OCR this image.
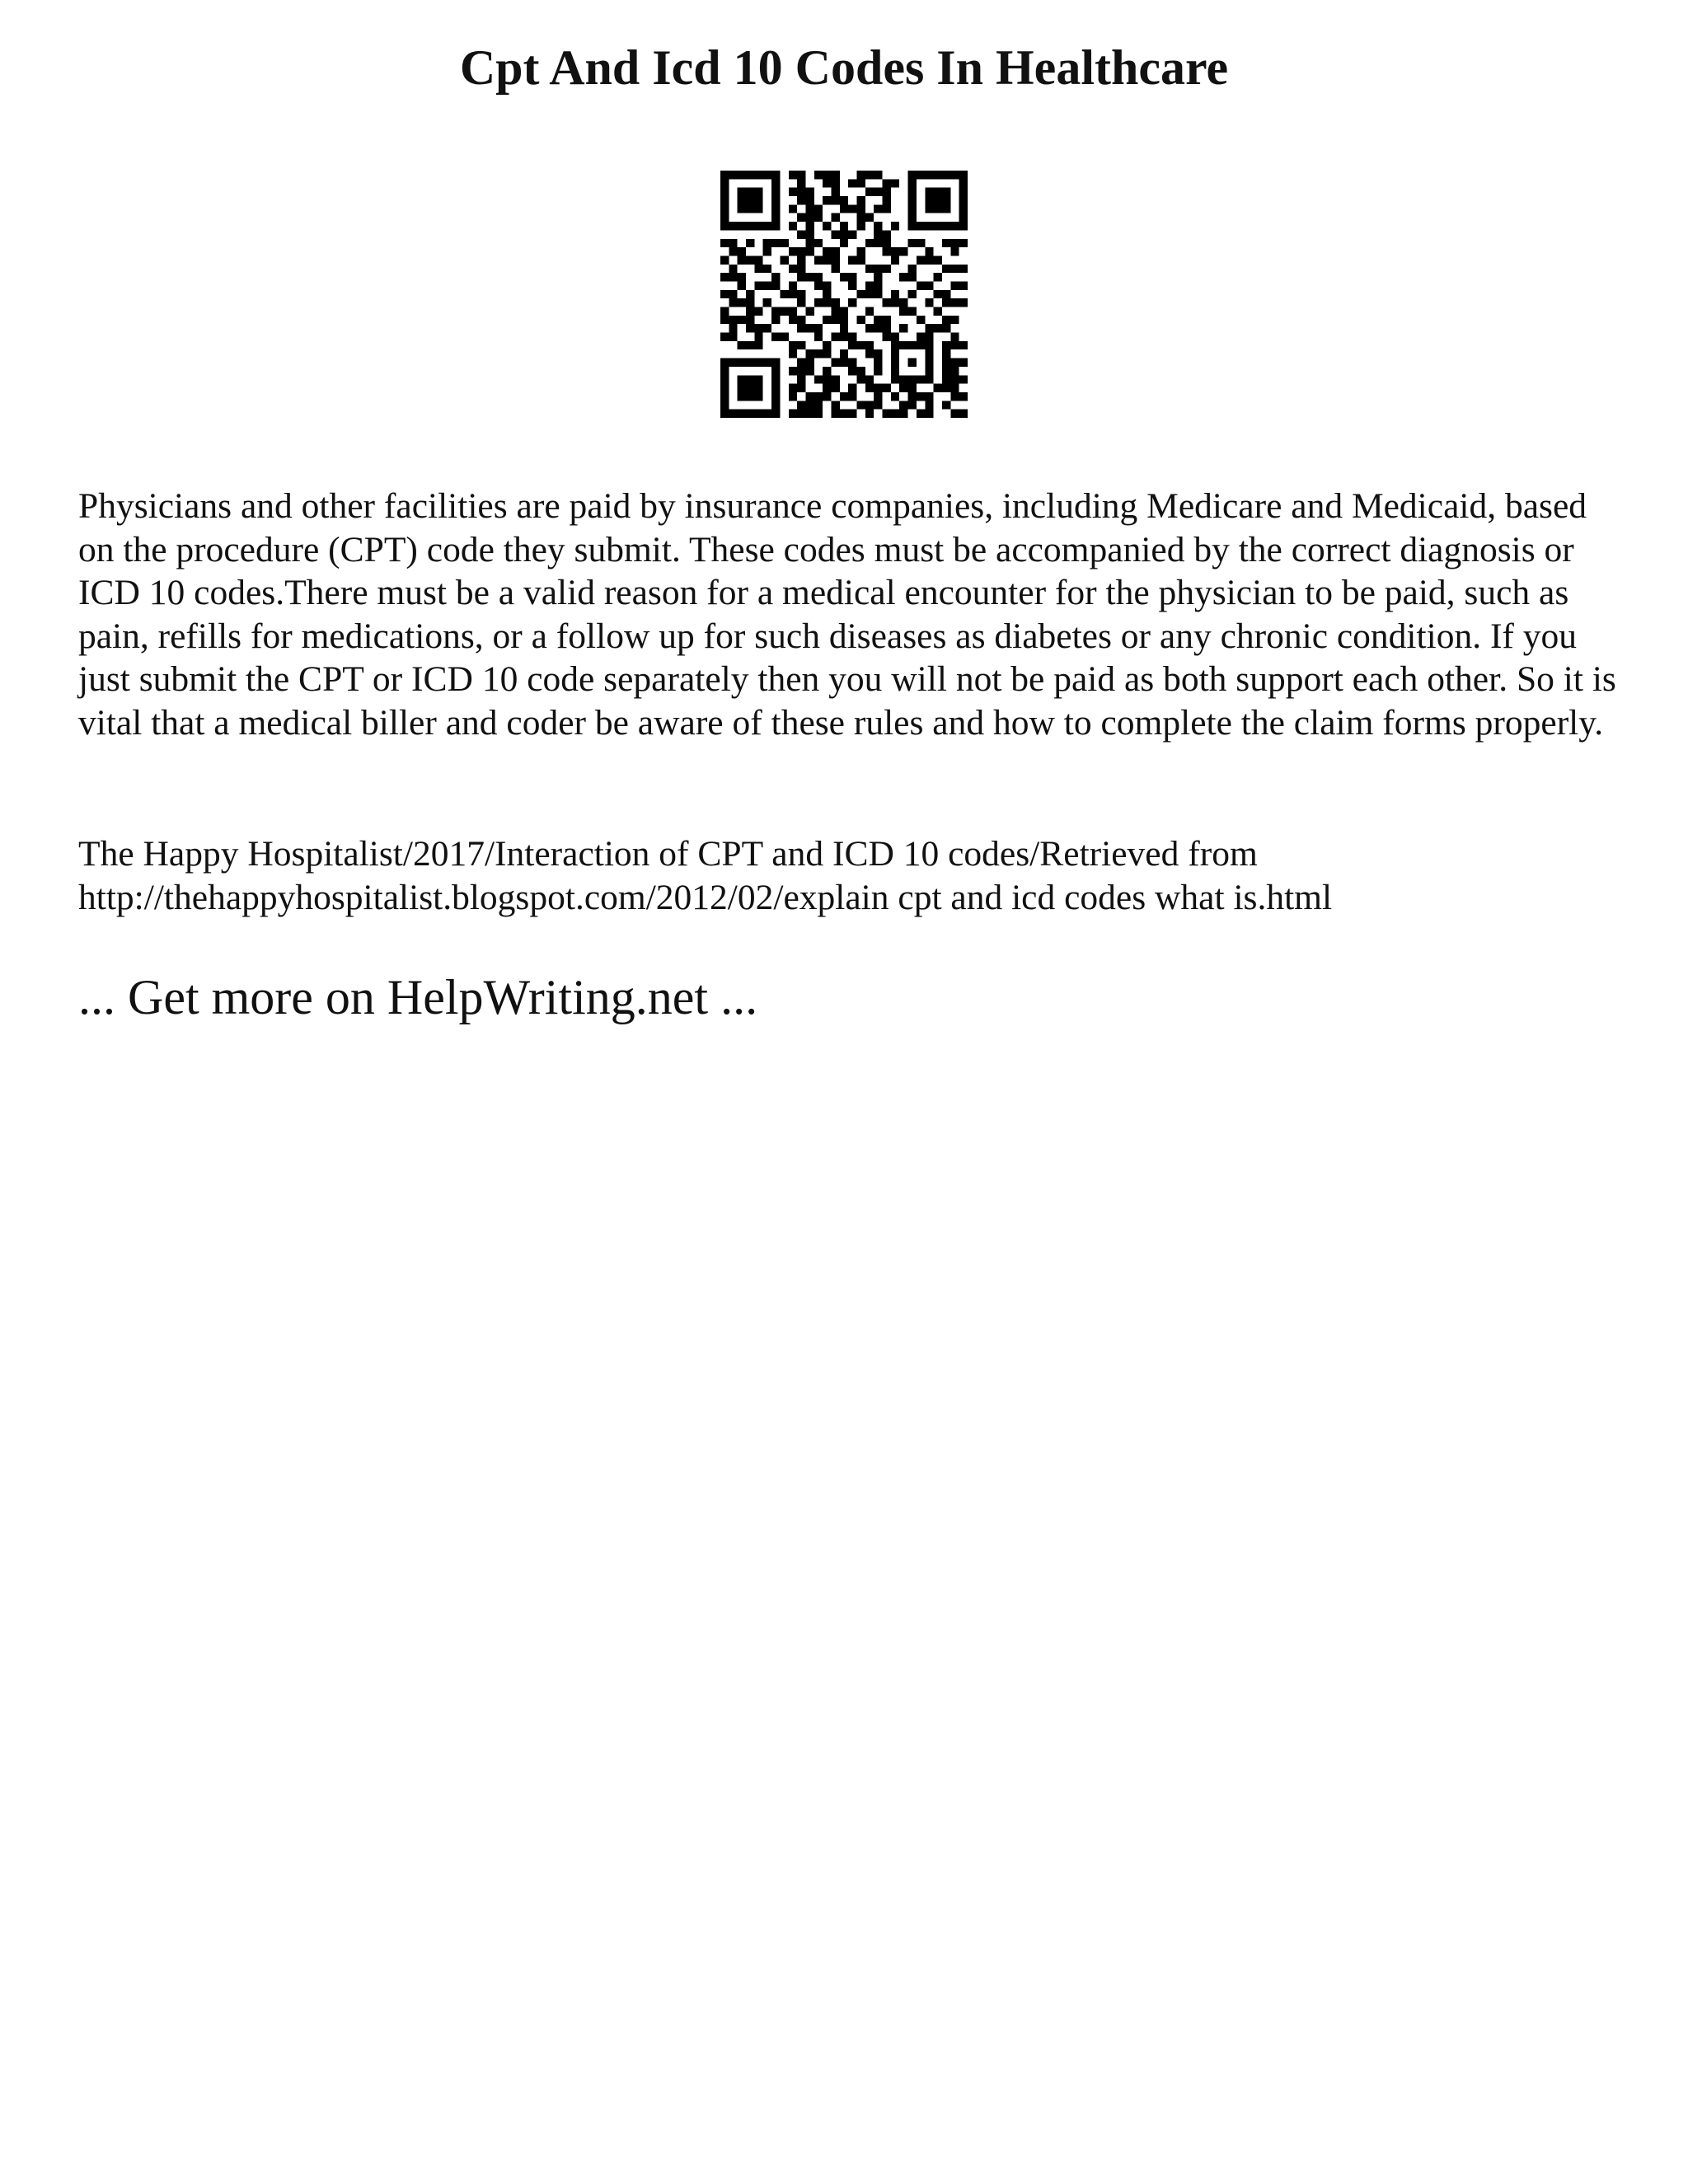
Cpt And Icd 10 Codes In Healthcare

Physicians and other facilities are paid by insurance companies, including Medicare and Medicaid, based on the procedure (CPT) code they submit. These codes must be accompanied by the correct diagnosis or ICD 10 codes.There must be a valid reason for a medical encounter for the physician to be paid, such as pain, refills for medications, or a follow up for such diseases as diabetes or any chronic condition. If you just submit the CPT or ICD 10 code separately then you will not be paid as both support each other. So it is vital that a medical biller and coder be aware of these rules and how to complete the claim forms properly.

The Happy Hospitalist/2017/Interaction of CPT and ICD 10 codes/Retrieved from
http://thehappyhospitalist.blogspot.com/2012/02/explain cpt and icd codes what is.html

... Get more on HelpWriting.net ...
